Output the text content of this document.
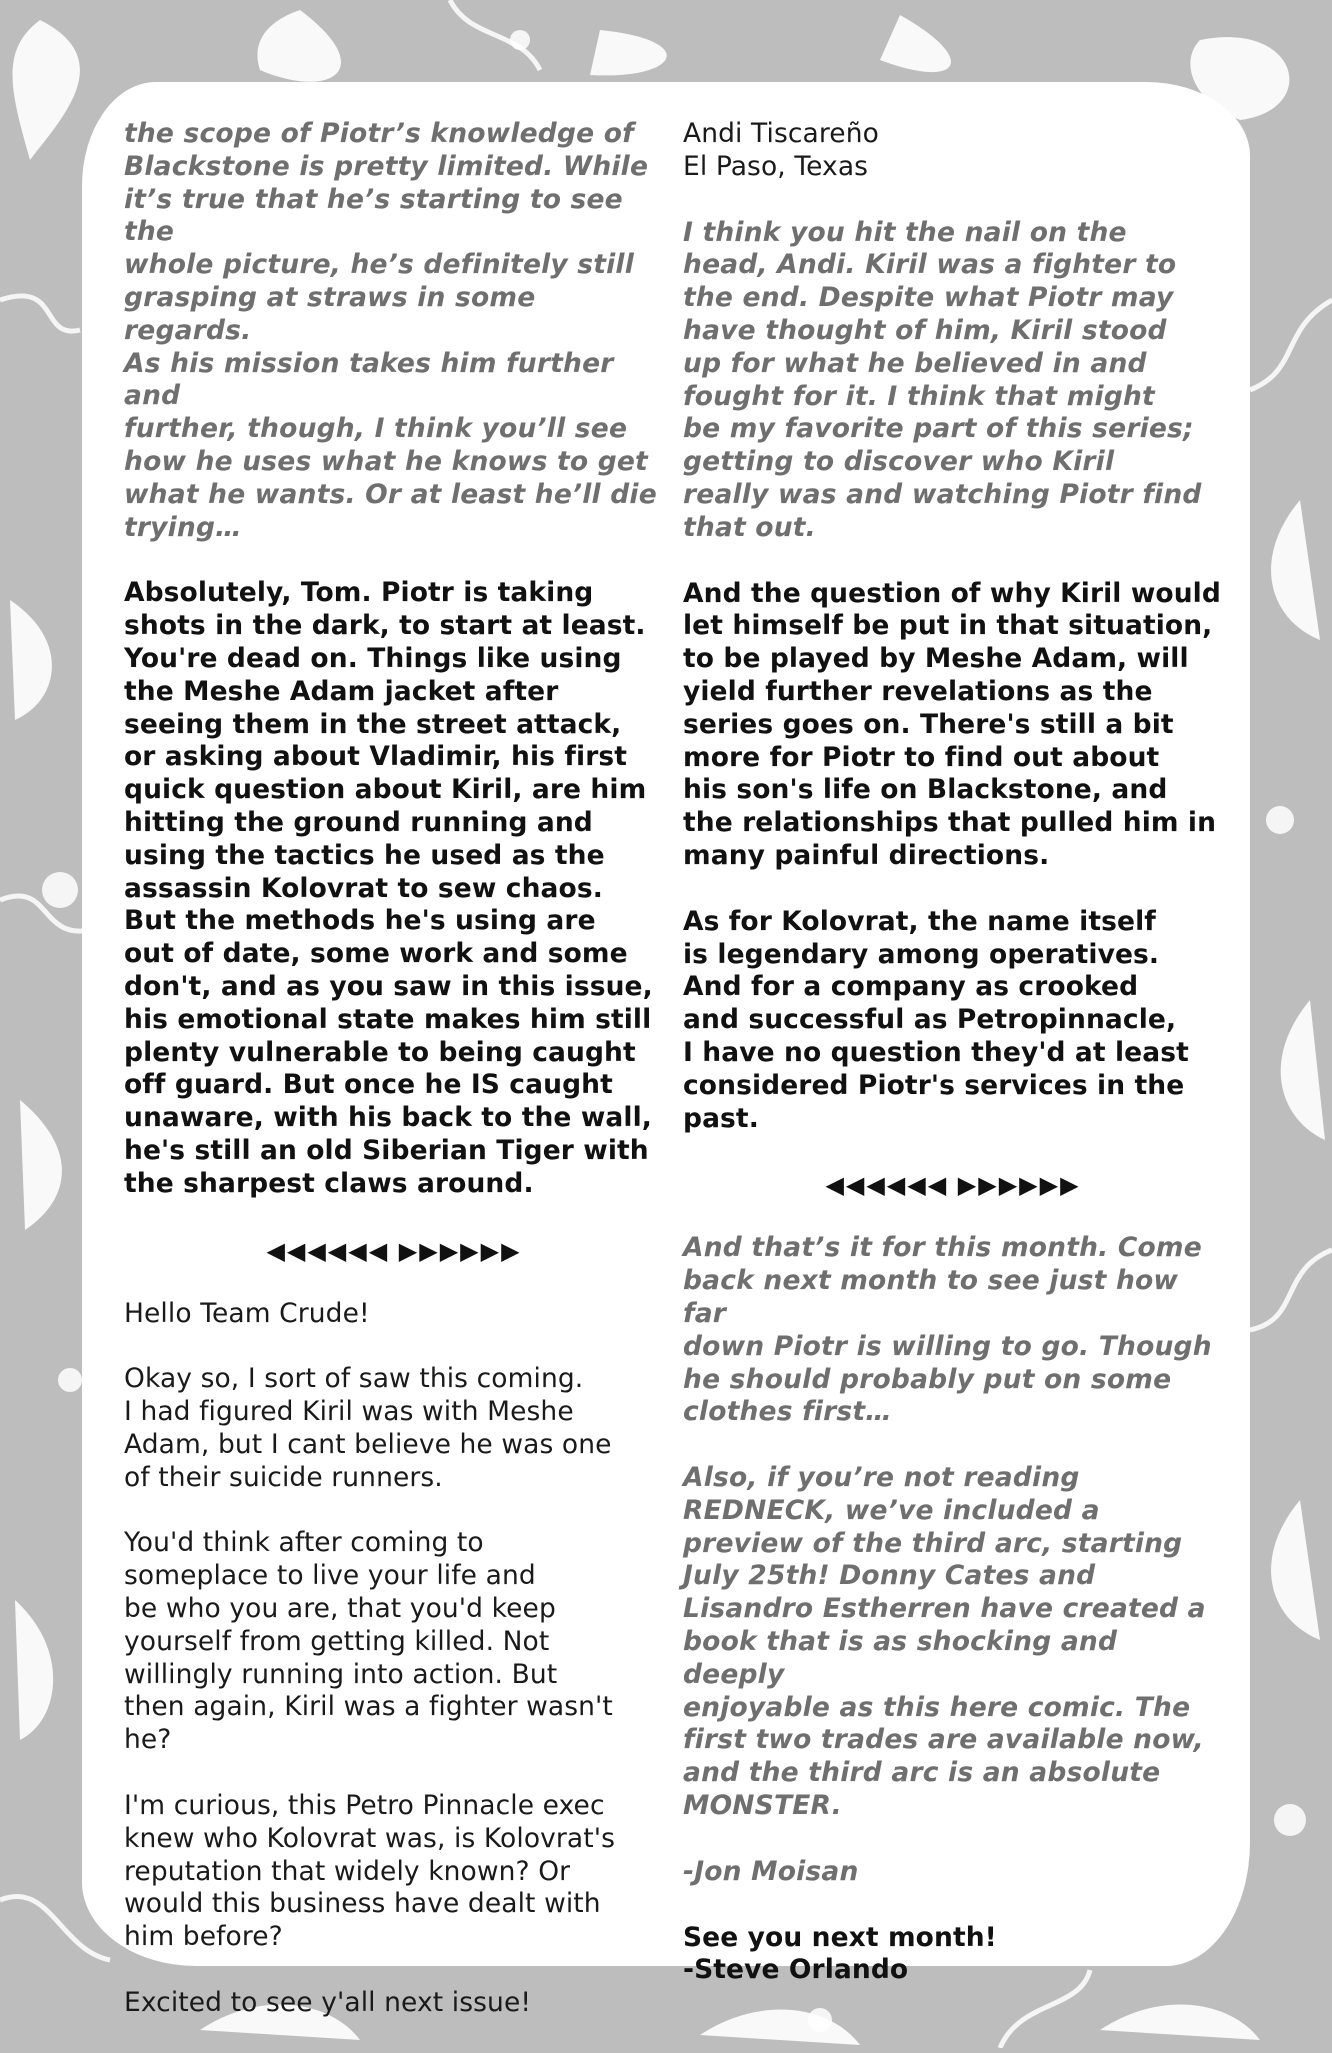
the scope of Piotr’s knowledge of
Blackstone is pretty limited. While
it’s true that he’s starting to see the
whole picture, he’s definitely still
grasping at straws in some regards.
As his mission takes him further and
further, though, I think you’ll see
how he uses what he knows to get
what he wants. Or at least he’ll die
trying…

Absolutely, Tom. Piotr is taking
shots in the dark, to start at least.
You're dead on. Things like using
the Meshe Adam jacket after
seeing them in the street attack,
or asking about Vladimir, his first
quick question about Kiril, are him
hitting the ground running and
using the tactics he used as the
assassin Kolovrat to sew chaos.
But the methods he's using are
out of date, some work and some
don't, and as you saw in this issue,
his emotional state makes him still
plenty vulnerable to being caught
off guard. But once he IS caught
unaware, with his back to the wall,
he's still an old Siberian Tiger with
the sharpest claws around.

◀◀◀◀◀◀ ▶▶▶▶▶▶

Hello Team Crude!

Okay so, I sort of saw this coming.
I had figured Kiril was with Meshe
Adam, but I cant believe he was one
of their suicide runners.

You'd think after coming to
someplace to live your life and
be who you are, that you'd keep
yourself from getting killed. Not
willingly running into action. But
then again, Kiril was a fighter wasn't
he?

I'm curious, this Petro Pinnacle exec
knew who Kolovrat was, is Kolovrat's
reputation that widely known? Or
would this business have dealt with
him before?

Excited to see y'all next issue!

Andi Tiscareño
El Paso, Texas

I think you hit the nail on the
head, Andi. Kiril was a fighter to
the end. Despite what Piotr may
have thought of him, Kiril stood
up for what he believed in and
fought for it. I think that might
be my favorite part of this series;
getting to discover who Kiril
really was and watching Piotr find
that out.

And the question of why Kiril would
let himself be put in that situation,
to be played by Meshe Adam, will
yield further revelations as the
series goes on. There's still a bit
more for Piotr to find out about
his son's life on Blackstone, and
the relationships that pulled him in
many painful directions.

As for Kolovrat, the name itself
is legendary among operatives.
And for a company as crooked
and successful as Petropinnacle,
I have no question they'd at least
considered Piotr's services in the
past.

◀◀◀◀◀◀ ▶▶▶▶▶▶

And that’s it for this month. Come
back next month to see just how far
down Piotr is willing to go. Though
he should probably put on some
clothes first…

Also, if you’re not reading
REDNECK, we’ve included a
preview of the third arc, starting
July 25th! Donny Cates and
Lisandro Estherren have created a
book that is as shocking and deeply
enjoyable as this here comic. The
first two trades are available now,
and the third arc is an absolute
MONSTER.

-Jon Moisan

See you next month!
-Steve Orlando
